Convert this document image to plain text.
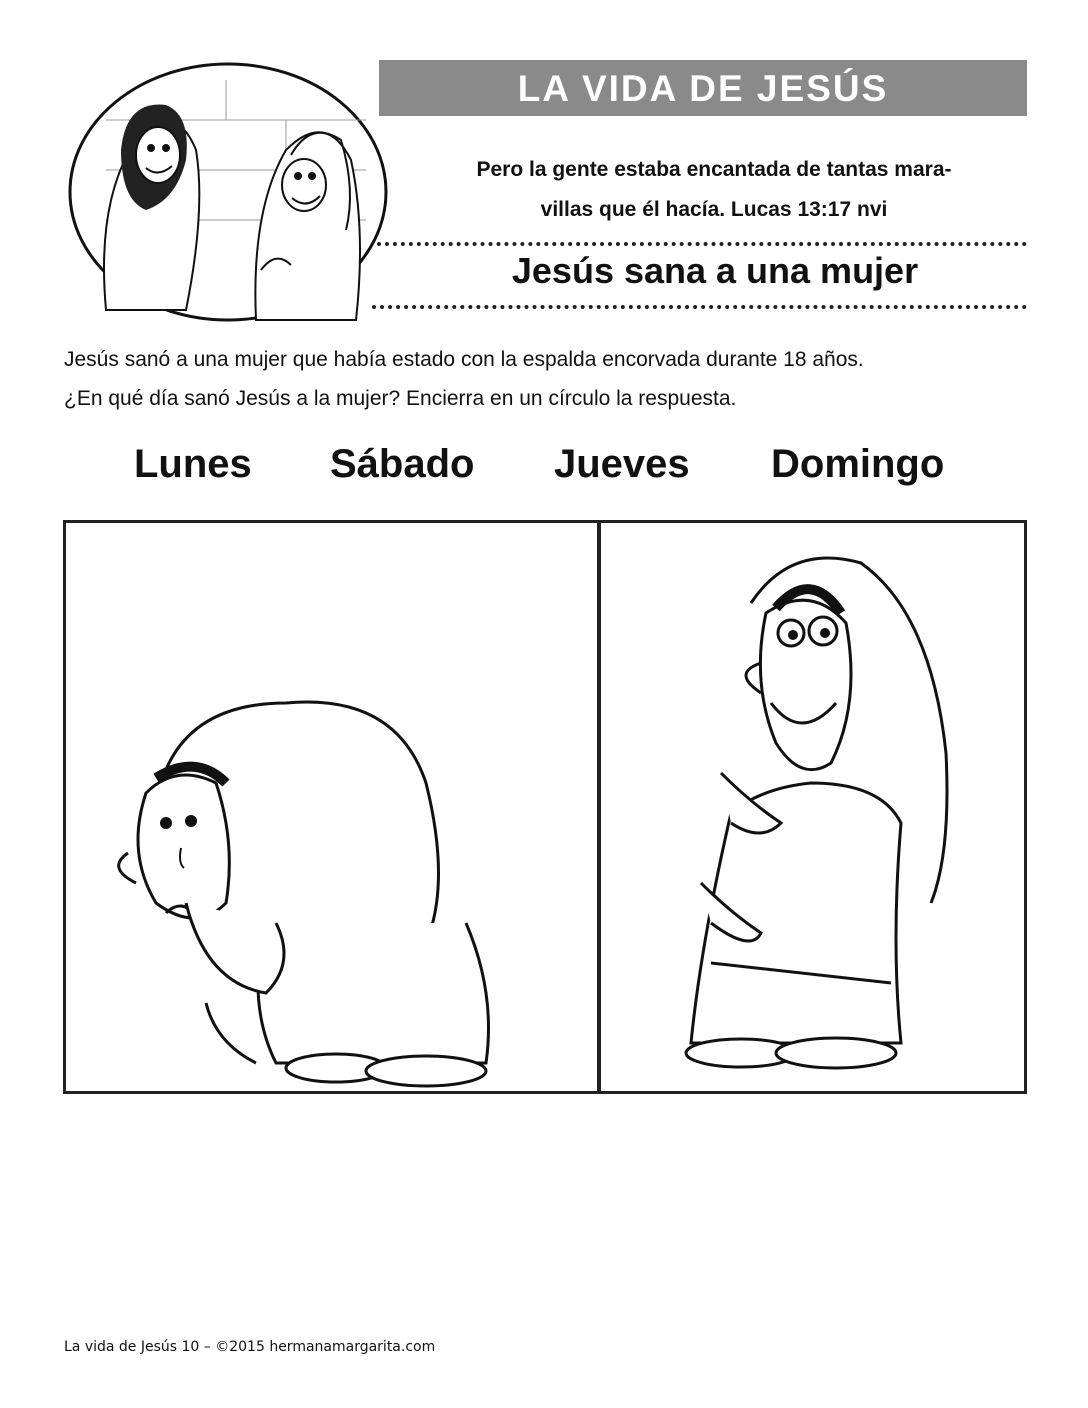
LA VIDA DE JESÚS
Pero la gente estaba encantada de tantas mara-
villas que él hacía. Lucas 13:17 nvi
Jesús sana a una mujer
Jesús sanó a una mujer que había estado con la espalda encorvada durante 18 años.
¿En qué día sanó Jesús a la mujer? Encierra en un círculo la respuesta.
Lunes Sábado Jueves Domingo
La vida de Jesús 10 – ©2015 hermanamargarita.com
